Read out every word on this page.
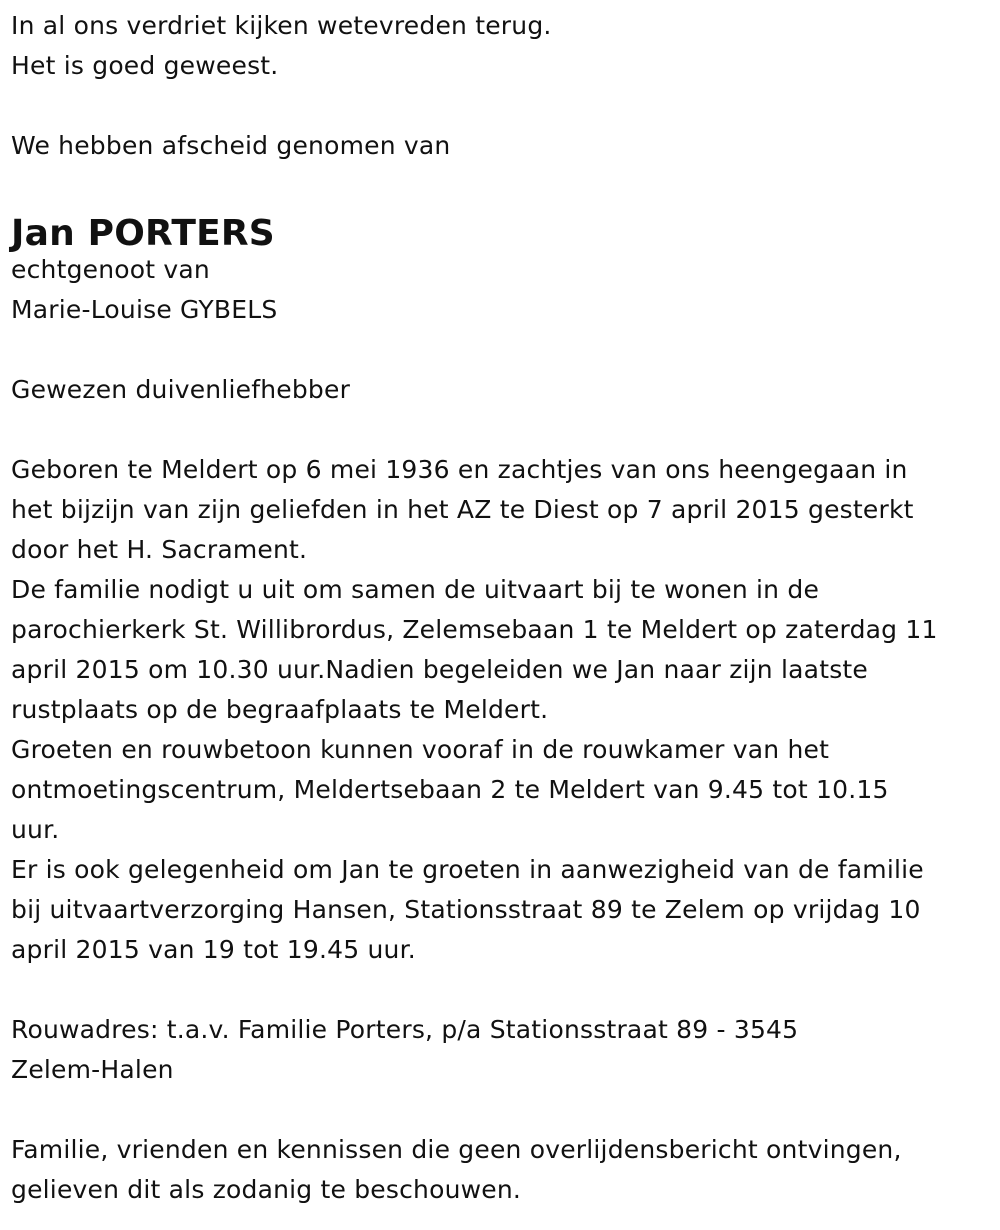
In al ons verdriet kijken wetevreden terug.
Het is goed geweest.
We hebben afscheid genomen van
Jan PORTERS
echtgenoot van
Marie-Louise GYBELS
Gewezen duivenliefhebber
Geboren te Meldert op 6 mei 1936 en zachtjes van ons heengegaan in
het bijzijn van zijn geliefden in het AZ te Diest op 7 april 2015 gesterkt
door het H. Sacrament.
De familie nodigt u uit om samen de uitvaart bij te wonen in de
parochierkerk St. Willibrordus, Zelemsebaan 1 te Meldert op zaterdag 11
april 2015 om 10.30 uur.Nadien begeleiden we Jan naar zijn laatste
rustplaats op de begraafplaats te Meldert.
Groeten en rouwbetoon kunnen vooraf in de rouwkamer van het
ontmoetingscentrum, Meldertsebaan 2 te Meldert van 9.45 tot 10.15
uur.
Er is ook gelegenheid om Jan te groeten in aanwezigheid van de familie
bij uitvaartverzorging Hansen, Stationsstraat 89 te Zelem op vrijdag 10
april 2015 van 19 tot 19.45 uur.
Rouwadres: t.a.v. Familie Porters, p/a Stationsstraat 89 - 3545
Zelem-Halen
Familie, vrienden en kennissen die geen overlijdensbericht ontvingen,
gelieven dit als zodanig te beschouwen.
